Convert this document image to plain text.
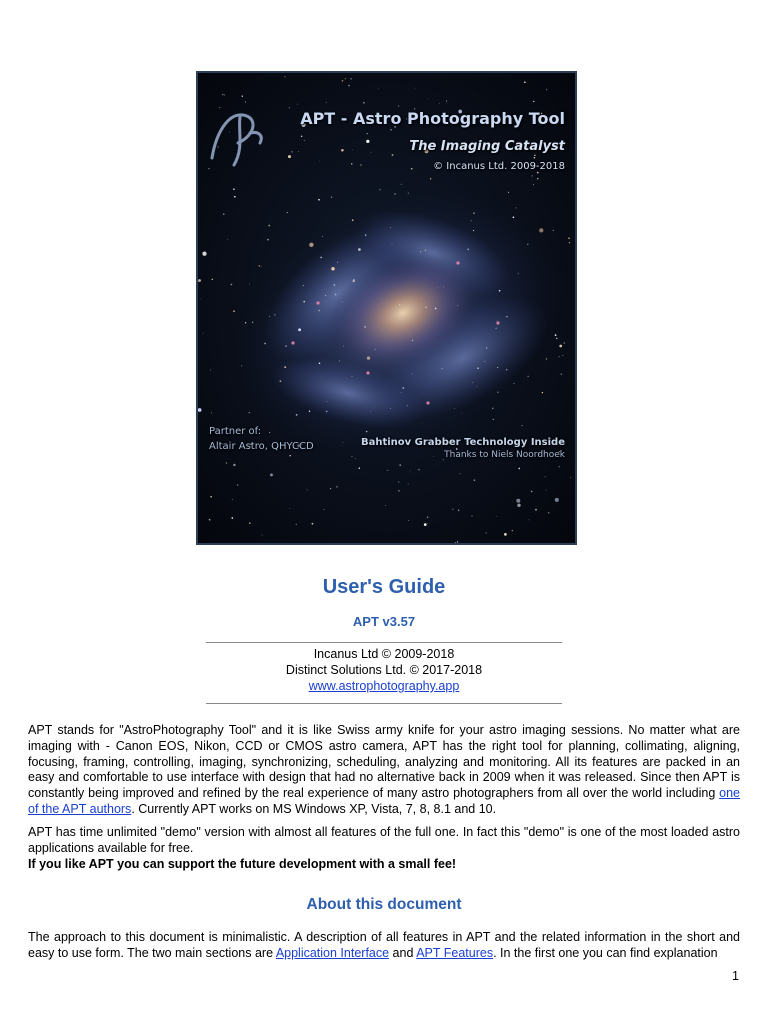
APT - Astro Photography Tool
The Imaging Catalyst
© Incanus Ltd. 2009-2018
Partner of:
Altair Astro, QHYCCD	Bahtinov Grabber Technology Inside
Thanks to Niels Noordhoek
User's Guide
APT v3.57
Incanus Ltd © 2009-2018
Distinct Solutions Ltd. © 2017-2018
www.astrophotography.app
APT stands for "AstroPhotography Tool" and it is like Swiss army knife for your astro imaging sessions. No matter what are imaging with - Canon EOS, Nikon, CCD or CMOS astro camera, APT has the right tool for planning, collimating, aligning, focusing, framing, controlling, imaging, synchronizing, scheduling, analyzing and monitoring. All its features are packed in an easy and comfortable to use interface with design that had no alternative back in 2009 when it was released. Since then APT is constantly being improved and refined by the real experience of many astro photographers from all over the world including one of the APT authors. Currently APT works on MS Windows XP, Vista, 7, 8, 8.1 and 10.
APT has time unlimited "demo" version with almost all features of the full one. In fact this "demo" is one of the most loaded astro applications available for free.
If you like APT you can support the future development with a small fee!
About this document
The approach to this document is minimalistic. A description of all features in APT and the related information in the short and easy to use form. The two main sections are Application Interface and APT Features. In the first one you can find explanation
1
